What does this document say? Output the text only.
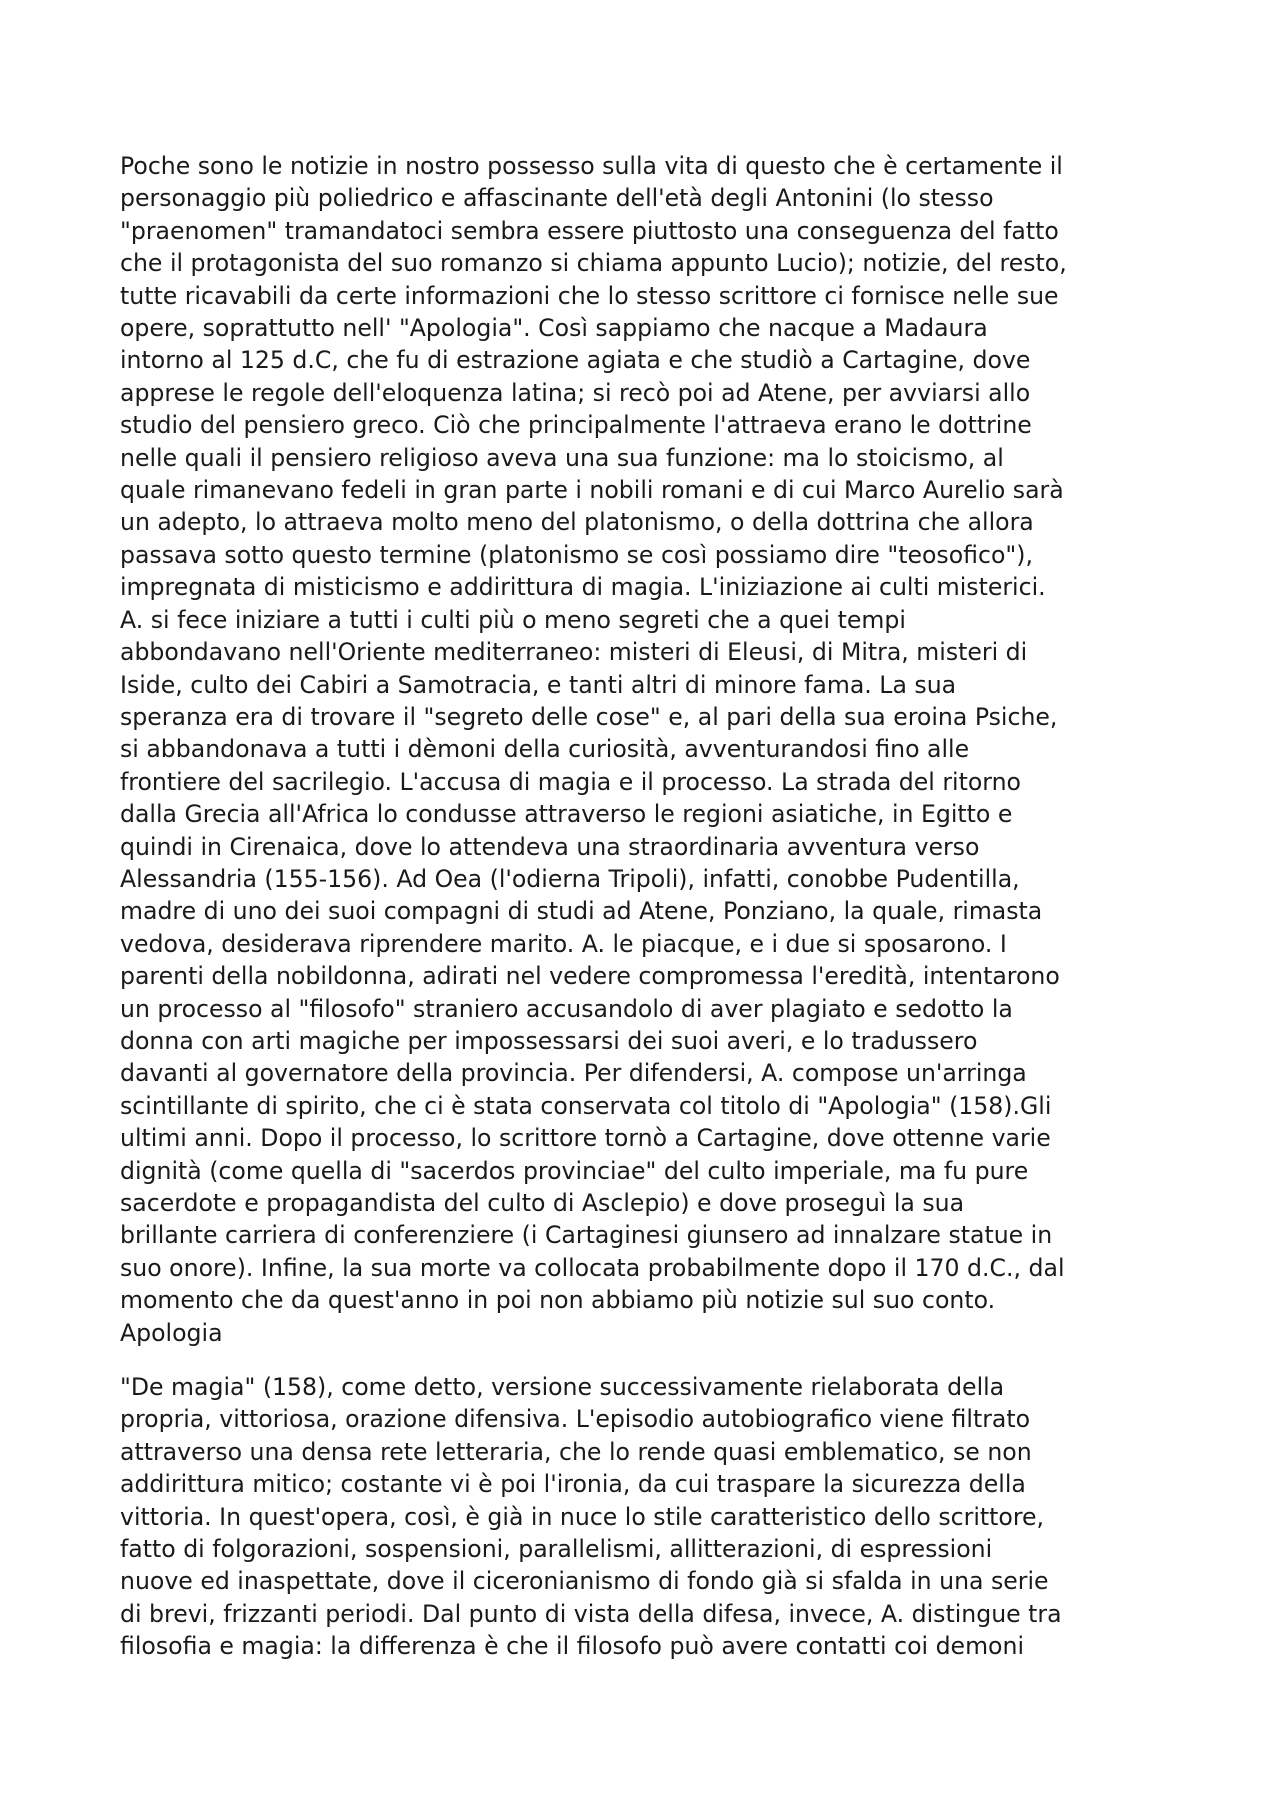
Poche sono le notizie in nostro possesso sulla vita di questo che è certamente il
personaggio più poliedrico e affascinante dell'età degli Antonini (lo stesso
"praenomen" tramandatoci sembra essere piuttosto una conseguenza del fatto
che il protagonista del suo romanzo si chiama appunto Lucio); notizie, del resto,
tutte ricavabili da certe informazioni che lo stesso scrittore ci fornisce nelle sue
opere, soprattutto nell' "Apologia". Così sappiamo che nacque a Madaura
intorno al 125 d.C, che fu di estrazione agiata e che studiò a Cartagine, dove
apprese le regole dell'eloquenza latina; si recò poi ad Atene, per avviarsi allo
studio del pensiero greco. Ciò che principalmente l'attraeva erano le dottrine
nelle quali il pensiero religioso aveva una sua funzione: ma lo stoicismo, al
quale rimanevano fedeli in gran parte i nobili romani e di cui Marco Aurelio sarà
un adepto, lo attraeva molto meno del platonismo, o della dottrina che allora
passava sotto questo termine (platonismo se così possiamo dire "teosofico"),
impregnata di misticismo e addirittura di magia. L'iniziazione ai culti misterici.
A. si fece iniziare a tutti i culti più o meno segreti che a quei tempi
abbondavano nell'Oriente mediterraneo: misteri di Eleusi, di Mitra, misteri di
Iside, culto dei Cabiri a Samotracia, e tanti altri di minore fama. La sua
speranza era di trovare il "segreto delle cose" e, al pari della sua eroina Psiche,
si abbandonava a tutti i dèmoni della curiosità, avventurandosi fino alle
frontiere del sacrilegio. L'accusa di magia e il processo. La strada del ritorno
dalla Grecia all'Africa lo condusse attraverso le regioni asiatiche, in Egitto e
quindi in Cirenaica, dove lo attendeva una straordinaria avventura verso
Alessandria (155-156). Ad Oea (l'odierna Tripoli), infatti, conobbe Pudentilla,
madre di uno dei suoi compagni di studi ad Atene, Ponziano, la quale, rimasta
vedova, desiderava riprendere marito. A. le piacque, e i due si sposarono. I
parenti della nobildonna, adirati nel vedere compromessa l'eredità, intentarono
un processo al "filosofo" straniero accusandolo di aver plagiato e sedotto la
donna con arti magiche per impossessarsi dei suoi averi, e lo tradussero
davanti al governatore della provincia. Per difendersi, A. compose un'arringa
scintillante di spirito, che ci è stata conservata col titolo di "Apologia" (158).Gli
ultimi anni. Dopo il processo, lo scrittore tornò a Cartagine, dove ottenne varie
dignità (come quella di "sacerdos provinciae" del culto imperiale, ma fu pure
sacerdote e propagandista del culto di Asclepio) e dove proseguì la sua
brillante carriera di conferenziere (i Cartaginesi giunsero ad innalzare statue in
suo onore). Infine, la sua morte va collocata probabilmente dopo il 170 d.C., dal
momento che da quest'anno in poi non abbiamo più notizie sul suo conto.
Apologia
"De magia" (158), come detto, versione successivamente rielaborata della
propria, vittoriosa, orazione difensiva. L'episodio autobiografico viene filtrato
attraverso una densa rete letteraria, che lo rende quasi emblematico, se non
addirittura mitico; costante vi è poi l'ironia, da cui traspare la sicurezza della
vittoria. In quest'opera, così, è già in nuce lo stile caratteristico dello scrittore,
fatto di folgorazioni, sospensioni, parallelismi, allitterazioni, di espressioni
nuove ed inaspettate, dove il ciceronianismo di fondo già si sfalda in una serie
di brevi, frizzanti periodi. Dal punto di vista della difesa, invece, A. distingue tra
filosofia e magia: la differenza è che il filosofo può avere contatti coi demoni
